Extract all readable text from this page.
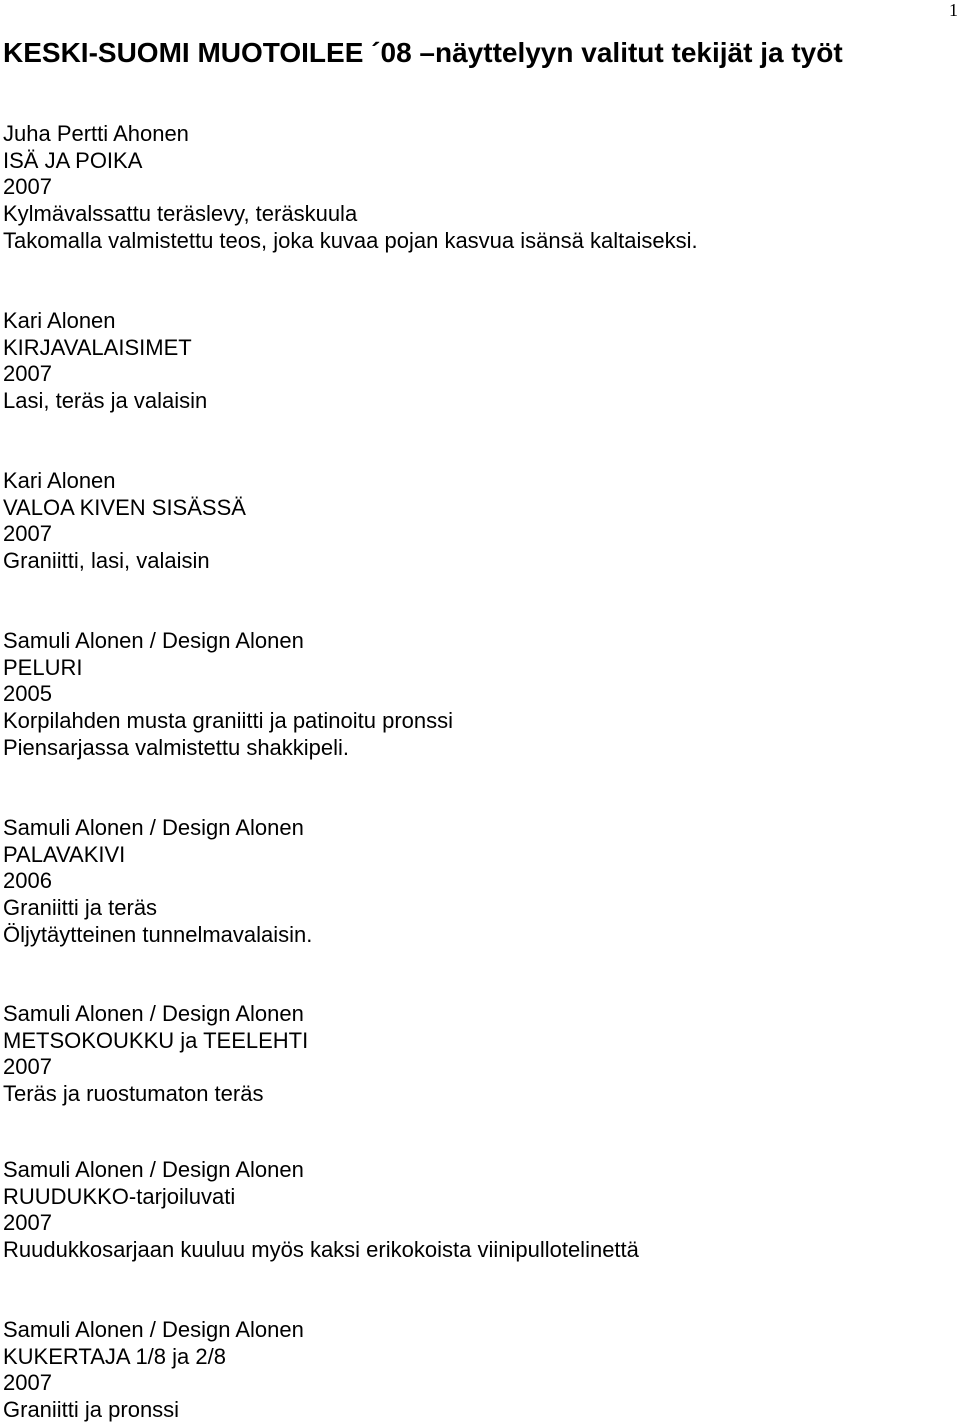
1
KESKI-SUOMI MUOTOILEE ´08 –näyttelyyn valitut tekijät ja työt
Juha Pertti Ahonen
ISÄ JA POIKA
2007
Kylmävalssattu teräslevy, teräskuula
Takomalla valmistettu teos, joka kuvaa pojan kasvua isänsä kaltaiseksi.
Kari Alonen
KIRJAVALAISIMET
2007
Lasi, teräs ja valaisin
Kari Alonen
VALOA KIVEN SISÄSSÄ
2007
Graniitti, lasi, valaisin
Samuli Alonen / Design Alonen
PELURI
2005
Korpilahden musta graniitti ja patinoitu pronssi
Piensarjassa valmistettu shakkipeli.
Samuli Alonen / Design Alonen
PALAVAKIVI
2006
Graniitti ja teräs
Öljytäytteinen tunnelmavalaisin.
Samuli Alonen / Design Alonen
METSOKOUKKU ja TEELEHTI
2007
Teräs ja ruostumaton teräs
Samuli Alonen / Design Alonen
RUUDUKKO-tarjoiluvati
2007
Ruudukkosarjaan kuuluu myös kaksi erikokoista viinipullotelinettä
Samuli Alonen / Design Alonen
KUKERTAJA 1/8 ja 2/8
2007
Graniitti ja pronssi
